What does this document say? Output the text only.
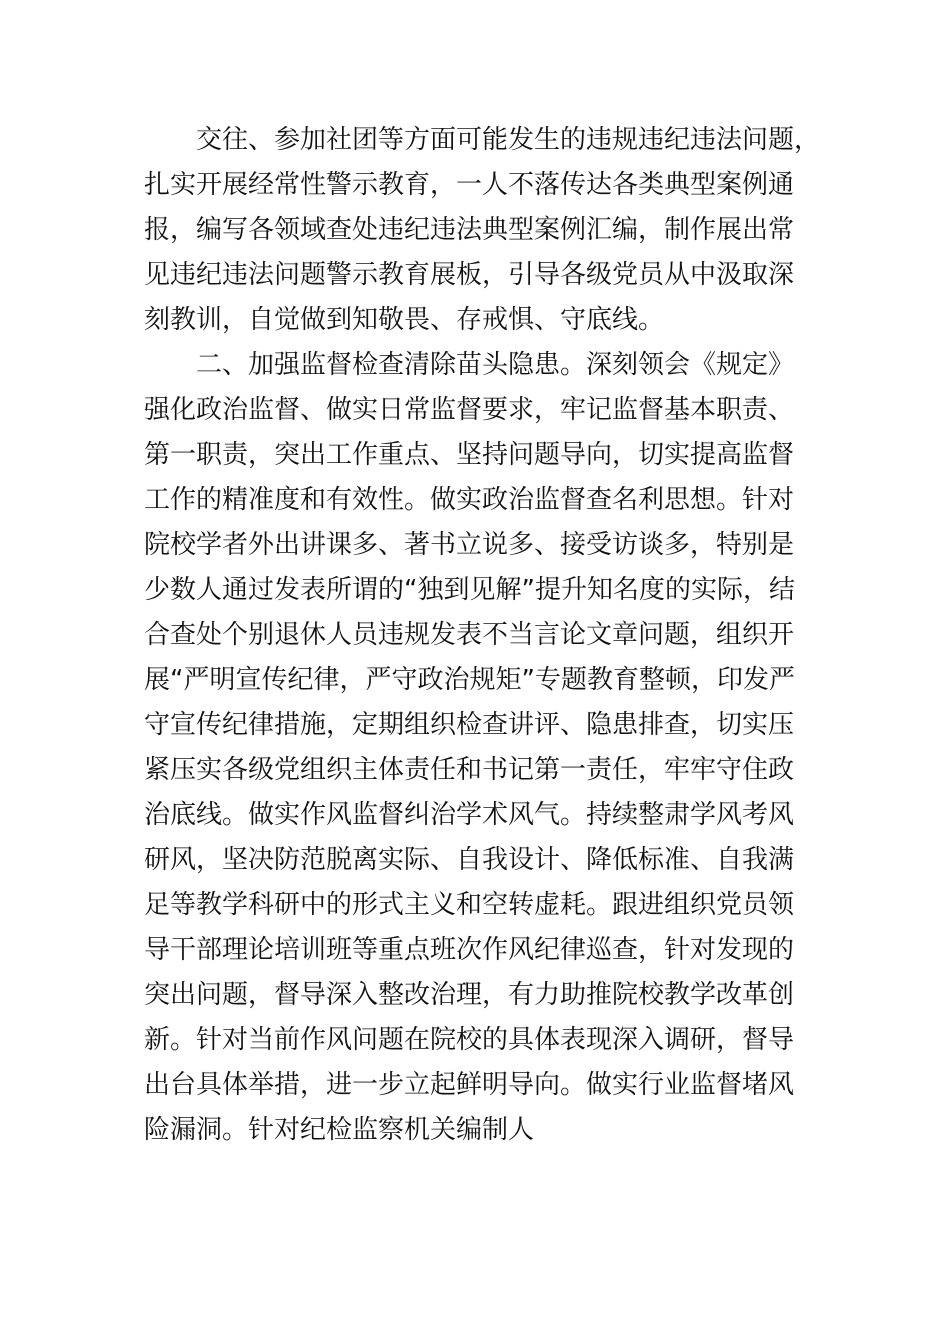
交往、参加社团等方面可能发生的违规违纪违法问题，
扎实开展经常性警示教育，一人不落传达各类典型案例通
报，编写各领域查处违纪违法典型案例汇编，制作展出常
见违纪违法问题警示教育展板，引导各级党员从中汲取深
刻教训，自觉做到知敬畏、存戒惧、守底线。
二、加强监督检查清除苗头隐患。深刻领会《规定》
强化政治监督、做实日常监督要求，牢记监督基本职责、
第一职责，突出工作重点、坚持问题导向，切实提高监督
工作的精准度和有效性。做实政治监督查名利思想。针对
院校学者外出讲课多、著书立说多、接受访谈多，特别是
少数人通过发表所谓的“独到见解”提升知名度的实际，结
合查处个别退休人员违规发表不当言论文章问题，组织开
展“严明宣传纪律，严守政治规矩”专题教育整顿，印发严
守宣传纪律措施，定期组织检查讲评、隐患排查，切实压
紧压实各级党组织主体责任和书记第一责任，牢牢守住政
治底线。做实作风监督纠治学术风气。持续整肃学风考风
研风，坚决防范脱离实际、自我设计、降低标准、自我满
足等教学科研中的形式主义和空转虚耗。跟进组织党员领
导干部理论培训班等重点班次作风纪律巡查，针对发现的
突出问题，督导深入整改治理，有力助推院校教学改革创
新。针对当前作风问题在院校的具体表现深入调研，督导
出台具体举措，进一步立起鲜明导向。做实行业监督堵风
险漏洞。针对纪检监察机关编制人
